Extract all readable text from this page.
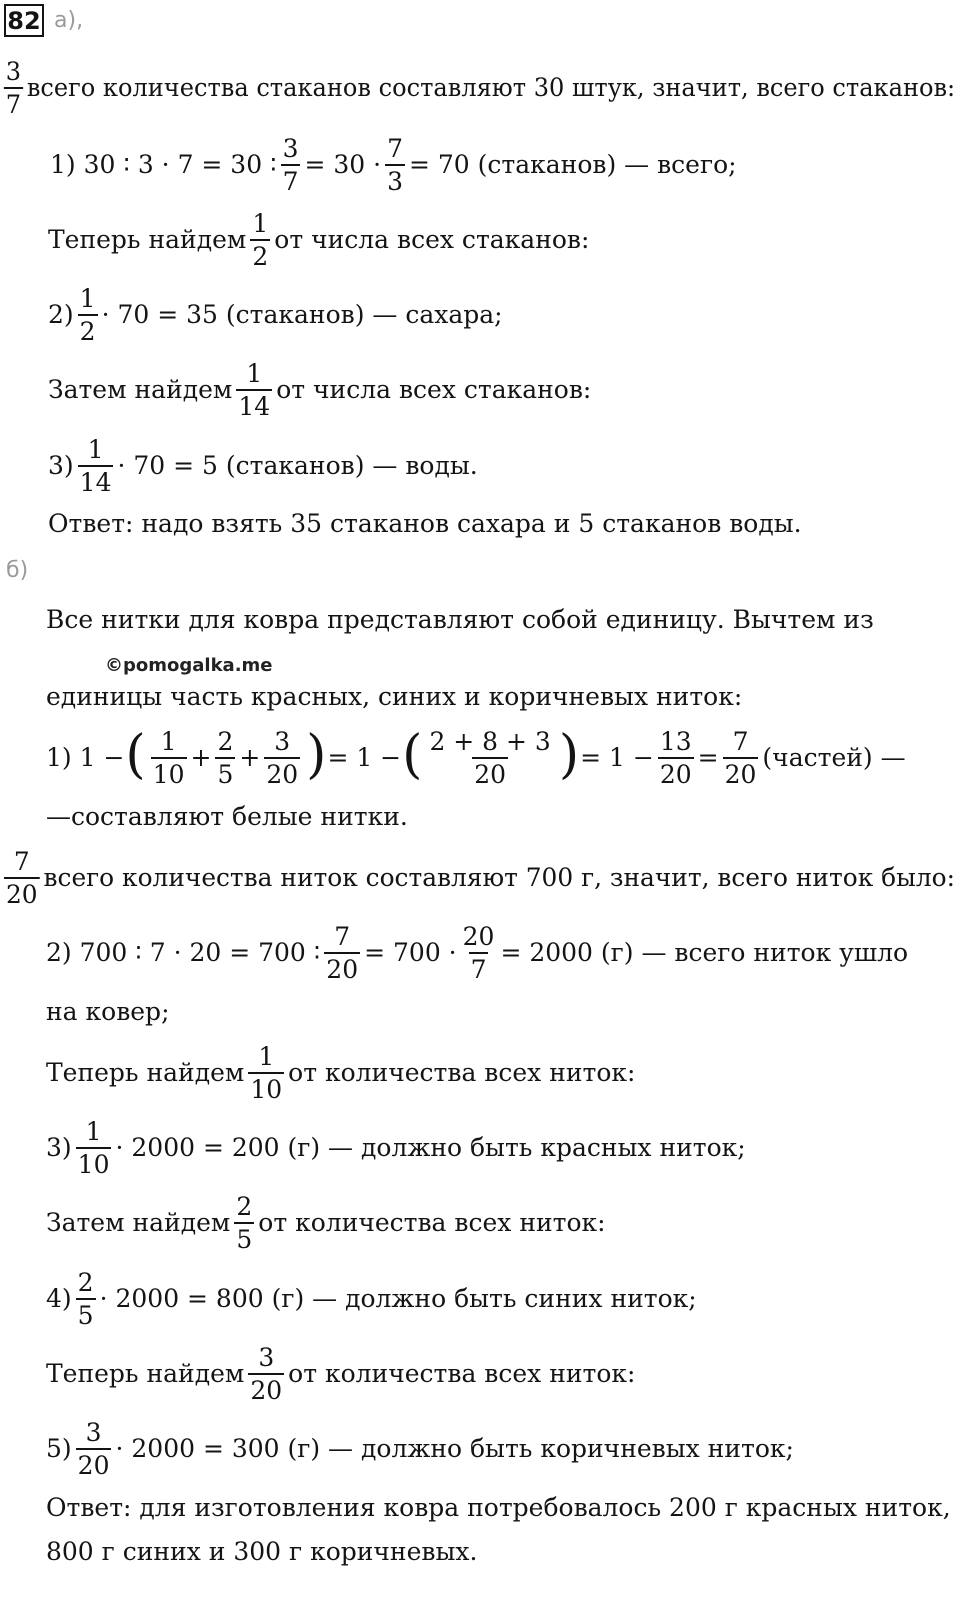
82 а),
3
7
всего количества стаканов составляют 30 штук, значит, всего стаканов:
1) 30 ∶ 3 · 7 = 30 ∶ $\frac{3}{7} = 30 \cdot \frac{7}{3} = 70$ (стаканов) — всего;
Теперь найдем
1
2
от числа всех стаканов:
2)
1
2
· 70 = 35 (стаканов) — сахара;
Затем найдем
1
14
от числа всех стаканов:
3)
1
14
· 70 = 5 (стаканов) — воды.
Ответ: надо взять 35 стаканов сахара и 5 стаканов воды.
б)
Все нитки для ковра представляют собой единицу. Вычтем из
©pomogalka.me
единицы часть красных, синих и коричневых ниток:
1) 1 − ( 1
10
+ $\frac{2}{5} + \frac{3}{20}$ ) = 1 − ( 2 + 8 + 3
20 ) = $1 - \frac{13}{20} = \frac{7}{20}$ (частей) —
—составляют белые нитки.
7
20
всего количества ниток составляют 700 г, значит, всего ниток было:
2) 700 ∶ 7 · 20 = 700 ∶ $\frac{7}{20} = 700 \cdot \frac{20}{7} = 2000$ (г) — всего ниток ушло
на ковер;
Теперь найдем
1
10
от количества всех ниток:
3)
1
10
· 2000 = 200 (г) — должно быть красных ниток;
Затем найдем
2
5
от количества всех ниток:
4)
2
5
· 2000 = 800 (г) — должно быть синих ниток;
Теперь найдем
3
20
от количества всех ниток:
5)
3
20
· 2000 = 300 (г) — должно быть коричневых ниток;
Ответ: для изготовления ковра потребовалось 200 г красных ниток,
800 г синих и 300 г коричневых.
